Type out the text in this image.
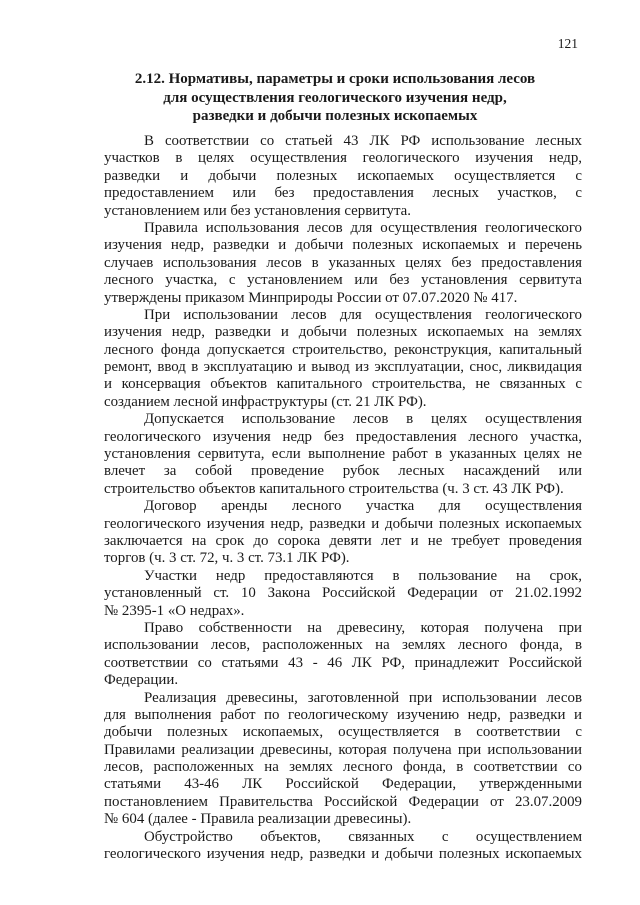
121
2.12. Нормативы, параметры и сроки использования лесов
для осуществления геологического изучения недр,
разведки и добычи полезных ископаемых
В соответствии со статьей 43 ЛК РФ использование лесных
участков в целях осуществления геологического изучения недр,
разведки и добычи полезных ископаемых осуществляется с
предоставлением или без предоставления лесных участков, с
установлением или без установления сервитута.
Правила использования лесов для осуществления геологического
изучения недр, разведки и добычи полезных ископаемых и перечень
случаев использования лесов в указанных целях без предоставления
лесного участка, с установлением или без установления сервитута
утверждены приказом Минприроды России от 07.07.2020 № 417.
При использовании лесов для осуществления геологического
изучения недр, разведки и добычи полезных ископаемых на землях
лесного фонда допускается строительство, реконструкция, капитальный
ремонт, ввод в эксплуатацию и вывод из эксплуатации, снос, ликвидация
и консервация объектов капитального строительства, не связанных с
созданием лесной инфраструктуры (ст. 21 ЛК РФ).
Допускается использование лесов в целях осуществления
геологического изучения недр без предоставления лесного участка,
установления сервитута, если выполнение работ в указанных целях не
влечет за собой проведение рубок лесных насаждений или
строительство объектов капитального строительства (ч. 3 ст. 43 ЛК РФ).
Договор аренды лесного участка для осуществления
геологического изучения недр, разведки и добычи полезных ископаемых
заключается на срок до сорока девяти лет и не требует проведения
торгов (ч. 3 ст. 72, ч. 3 ст. 73.1 ЛК РФ).
Участки недр предоставляются в пользование на срок,
установленный ст. 10 Закона Российской Федерации от 21.02.1992
№ 2395-1 «О недрах».
Право собственности на древесину, которая получена при
использовании лесов, расположенных на землях лесного фонда, в
соответствии со статьями 43 - 46 ЛК РФ, принадлежит Российской
Федерации.
Реализация древесины, заготовленной при использовании лесов
для выполнения работ по геологическому изучению недр, разведки и
добычи полезных ископаемых, осуществляется в соответствии с
Правилами реализации древесины, которая получена при использовании
лесов, расположенных на землях лесного фонда, в соответствии со
статьями 43-46 ЛК Российской Федерации, утвержденными
постановлением Правительства Российской Федерации от 23.07.2009
№ 604 (далее - Правила реализации древесины).
Обустройство объектов, связанных с осуществлением
геологического изучения недр, разведки и добычи полезных ископаемых
